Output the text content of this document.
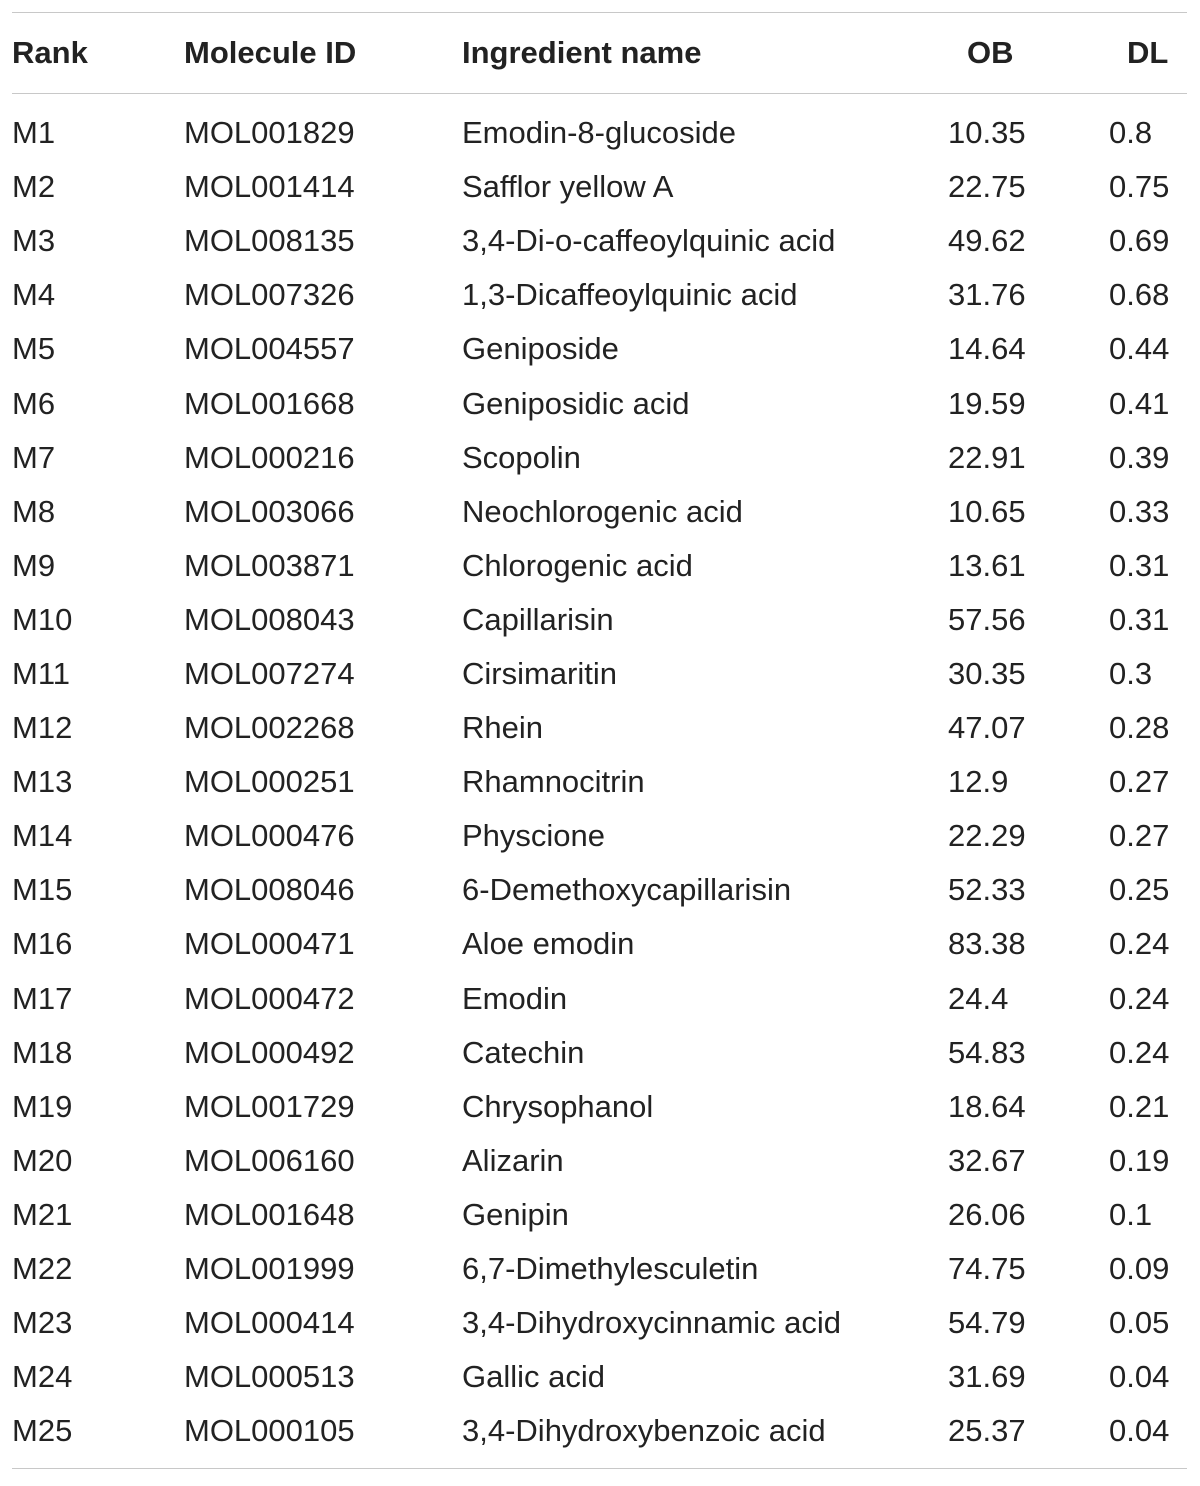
Rank	Molecule ID	Ingredient name	OB	DL
M1	MOL001829	Emodin-8-glucoside	10.35	0.8
M2	MOL001414	Safflor yellow A	22.75	0.75
M3	MOL008135	3,4-Di-o-caffeoylquinic acid	49.62	0.69
M4	MOL007326	1,3-Dicaffeoylquinic acid	31.76	0.68
M5	MOL004557	Geniposide	14.64	0.44
M6	MOL001668	Geniposidic acid	19.59	0.41
M7	MOL000216	Scopolin	22.91	0.39
M8	MOL003066	Neochlorogenic acid	10.65	0.33
M9	MOL003871	Chlorogenic acid	13.61	0.31
M10	MOL008043	Capillarisin	57.56	0.31
M11	MOL007274	Cirsimaritin	30.35	0.3
M12	MOL002268	Rhein	47.07	0.28
M13	MOL000251	Rhamnocitrin	12.9	0.27
M14	MOL000476	Physcione	22.29	0.27
M15	MOL008046	6-Demethoxycapillarisin	52.33	0.25
M16	MOL000471	Aloe emodin	83.38	0.24
M17	MOL000472	Emodin	24.4	0.24
M18	MOL000492	Catechin	54.83	0.24
M19	MOL001729	Chrysophanol	18.64	0.21
M20	MOL006160	Alizarin	32.67	0.19
M21	MOL001648	Genipin	26.06	0.1
M22	MOL001999	6,7-Dimethylesculetin	74.75	0.09
M23	MOL000414	3,4-Dihydroxycinnamic acid	54.79	0.05
M24	MOL000513	Gallic acid	31.69	0.04
M25	MOL000105	3,4-Dihydroxybenzoic acid	25.37	0.04
